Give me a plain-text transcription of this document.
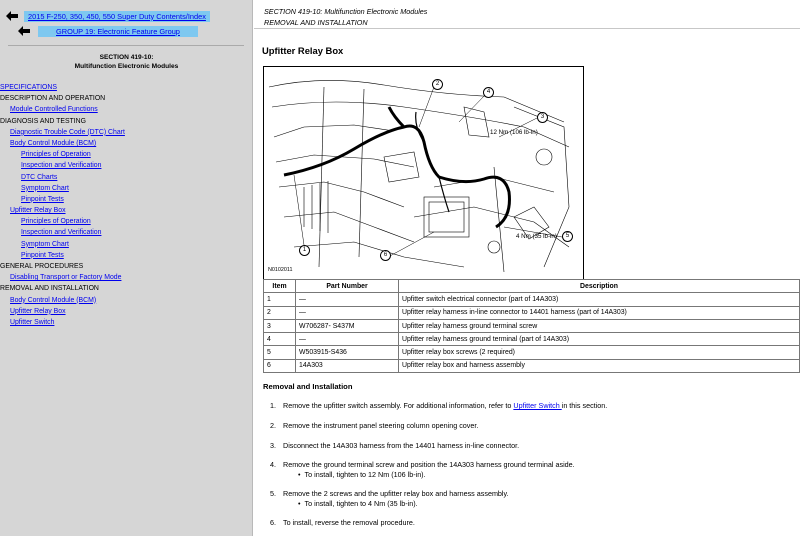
2015 F-250, 350, 450, 550 Super Duty Contents/Index
GROUP 19: Electronic Feature Group
SECTION 419-10:
Multifunction Electronic Modules
SPECIFICATIONS
DESCRIPTION AND OPERATION
Module Controlled Functions
DIAGNOSIS AND TESTING
Diagnostic Trouble Code (DTC) Chart
Body Control Module (BCM)
Principles of Operation
Inspection and Verification
DTC Charts
Symptom Chart
Pinpoint Tests
Upfitter Relay Box
Principles of Operation
Inspection and Verification
Symptom Chart
Pinpoint Tests
GENERAL PROCEDURES
Disabling Transport or Factory Mode
REMOVAL AND INSTALLATION
Body Control Module (BCM)
Upfitter Relay Box
Upfitter Switch
SECTION 419-10: Multifunction Electronic Modules
REMOVAL AND INSTALLATION
Upfitter Relay Box
1
2
3
4
5
6
12 Nm (106 lb-in)
4 Nm (35 lb-in)
N0102011
Item	Part Number	Description
1	—	Upfitter switch electrical connector (part of 14A303)
2	—	Upfitter relay harness in-line connector to 14401 harness (part of 14A303)
3	W706287- S437M	Upfitter relay harness ground terminal screw
4	—	Upfitter relay harness ground terminal (part of 14A303)
5	W503915-S436	Upfitter relay box screws (2 required)
6	14A303	Upfitter relay box and harness assembly
Removal and Installation
1. Remove the upfitter switch assembly. For additional information, refer to Upfitter Switch in this section.
2. Remove the instrument panel steering column opening cover.
3. Disconnect the 14A303 harness from the 14401 harness in-line connector.
4. Remove the ground terminal screw and position the 14A303 harness ground terminal aside.
• To install, tighten to 12 Nm (106 lb-in).
5. Remove the 2 screws and the upfitter relay box and harness assembly.
• To install, tighten to 4 Nm (35 lb-in).
6. To install, reverse the removal procedure.
